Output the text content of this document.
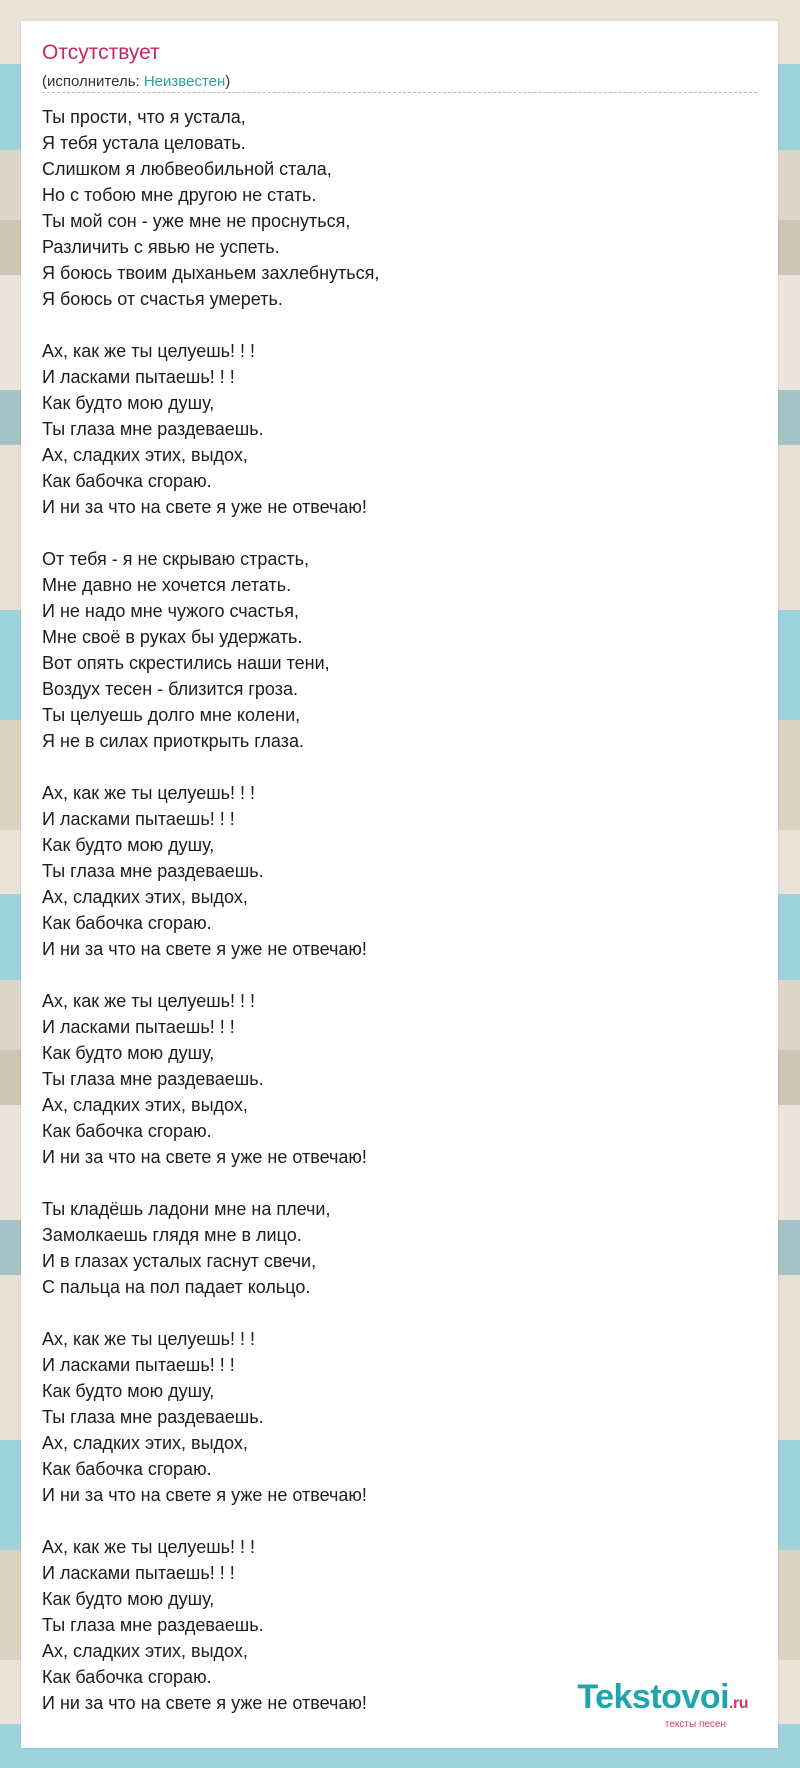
Отсутствует
(исполнитель: Неизвестен)
Ты прости, что я устала,
Я тебя устала целовать.
Слишком я любвеобильной стала,
Но с тобою мне другою не стать.
Ты мой сон - уже мне не проснуться,
Различить с явью не успеть.
Я боюсь твоим дыханьем захлебнуться,
Я боюсь от счастья умереть.
Ах, как же ты целуешь! ! !
И ласками пытаешь! ! !
Как будто мою душу,
Ты глаза мне раздеваешь.
Ах, сладких этих, выдох,
Как бабочка сгораю.
И ни за что на свете я уже не отвечаю!
От тебя - я не скрываю страсть,
Мне давно не хочется летать.
И не надо мне чужого счастья,
Мне своё в руках бы удержать.
Вот опять скрестились наши тени,
Воздух тесен - близится гроза.
Ты целуешь долго мне колени,
Я не в силах приоткрыть глаза.
Ах, как же ты целуешь! ! !
И ласками пытаешь! ! !
Как будто мою душу,
Ты глаза мне раздеваешь.
Ах, сладких этих, выдох,
Как бабочка сгораю.
И ни за что на свете я уже не отвечаю!
Ах, как же ты целуешь! ! !
И ласками пытаешь! ! !
Как будто мою душу,
Ты глаза мне раздеваешь.
Ах, сладких этих, выдох,
Как бабочка сгораю.
И ни за что на свете я уже не отвечаю!
Ты кладёшь ладони мне на плечи,
Замолкаешь глядя мне в лицо.
И в глазах усталых гаснут свечи,
С пальца на пол падает кольцо.
Ах, как же ты целуешь! ! !
И ласками пытаешь! ! !
Как будто мою душу,
Ты глаза мне раздеваешь.
Ах, сладких этих, выдох,
Как бабочка сгораю.
И ни за что на свете я уже не отвечаю!
Ах, как же ты целуешь! ! !
И ласками пытаешь! ! !
Как будто мою душу,
Ты глаза мне раздеваешь.
Ах, сладких этих, выдох,
Как бабочка сгораю.
И ни за что на свете я уже не отвечаю!	Tekstovoi.ru
тексты песен
